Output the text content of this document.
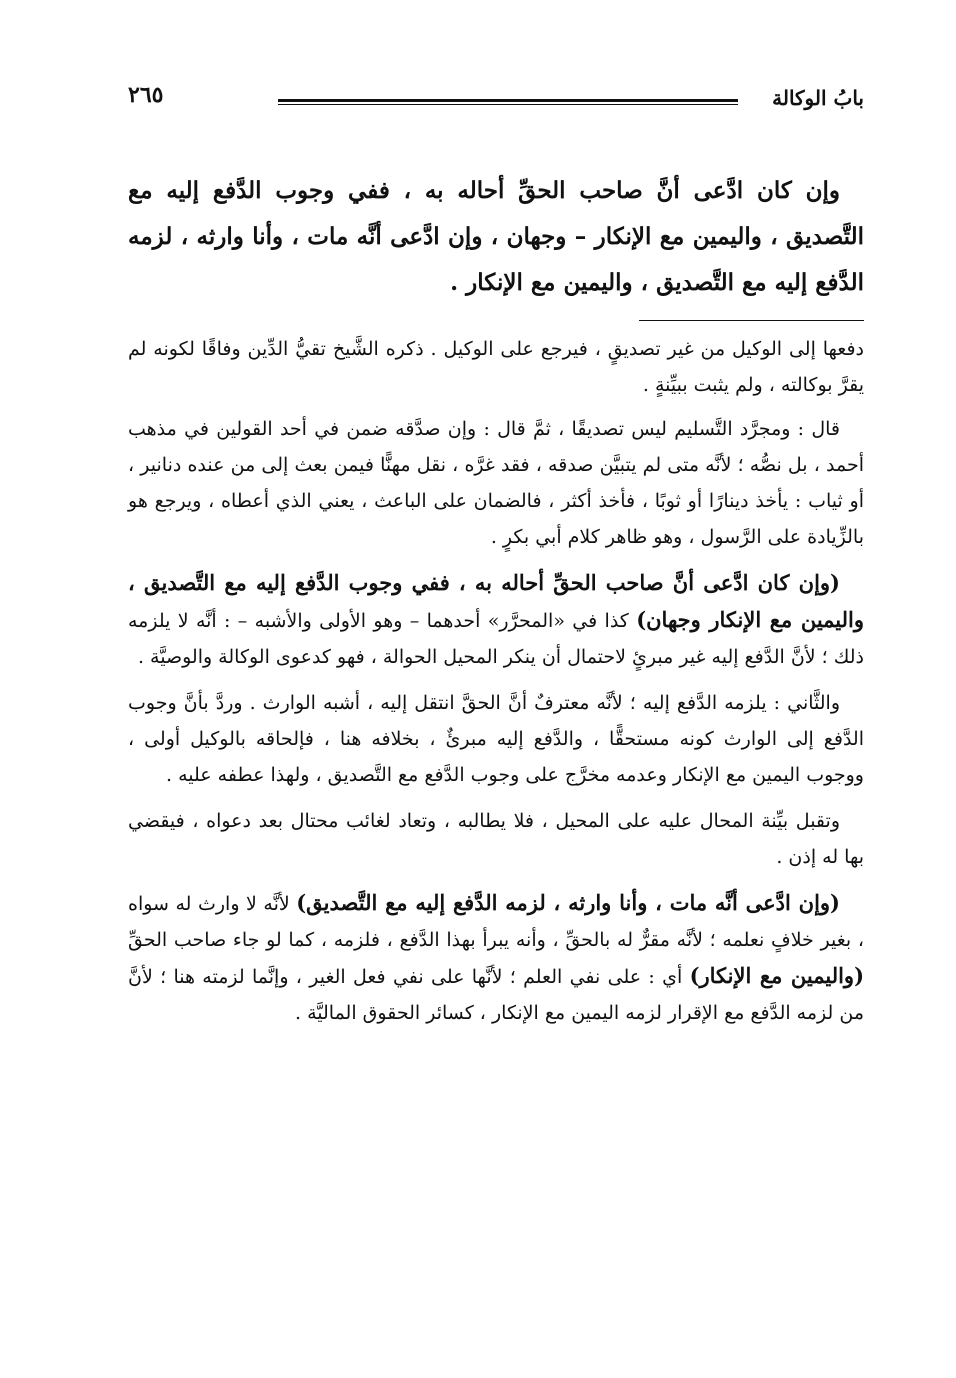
بابُ الوكالة
٢٦٥
وإن كان ادَّعى أنَّ صاحب الحقِّ أحاله به ، ففي وجوب الدَّفع إليه مع التَّصديق ، واليمين مع الإنكار – وجهان ، وإن ادَّعى أنَّه مات ، وأنا وارثه ، لزمه الدَّفع إليه مع التَّصديق ، واليمين مع الإنكار .

دفعها إلى الوكيل من غير تصديقٍ ، فيرجع على الوكيل . ذكره الشَّيخ تقيُّ الدِّين وفاقًا لكونه لم يقرَّ بوكالته ، ولم يثبت ببيِّنةٍ .

قال : ومجرَّد التَّسليم ليس تصديقًا ، ثمَّ قال : وإن صدَّقه ضمن في أحد القولين في مذهب أحمد ، بل نصُّه ؛ لأنَّه متى لم يتبيَّن صدقه ، فقد غرَّه ، نقل مهنًّا فيمن بعث إلى من عنده دنانير ، أو ثياب : يأخذ دينارًا أو ثوبًا ، فأخذ أكثر ، فالضمان على الباعث ، يعني الذي أعطاه ، ويرجع هو بالزِّيادة على الرَّسول ، وهو ظاهر كلام أبي بكرٍ .

(وإن كان ادَّعى أنَّ صاحب الحقِّ أحاله به ، ففي وجوب الدَّفع إليه مع التَّصديق ، واليمين مع الإنكار وجهان) كذا في «المحرَّر» أحدهما – وهو الأولى والأشبه – : أنَّه لا يلزمه ذلك ؛ لأنَّ الدَّفع إليه غير مبرئٍ لاحتمال أن ينكر المحيل الحوالة ، فهو كدعوى الوكالة والوصيَّة .

والثَّاني : يلزمه الدَّفع إليه ؛ لأنَّه معترفٌ أنَّ الحقَّ انتقل إليه ، أشبه الوارث . وردَّ بأنَّ وجوب الدَّفع إلى الوارث كونه مستحقًّا ، والدَّفع إليه مبرئٌ ، بخلافه هنا ، فإلحاقه بالوكيل أولى ، ووجوب اليمين مع الإنكار وعدمه مخرَّج على وجوب الدَّفع مع التَّصديق ، ولهذا عطفه عليه .

وتقبل بيِّنة المحال عليه على المحيل ، فلا يطالبه ، وتعاد لغائب محتال بعد دعواه ، فيقضي بها له إذن .

(وإن ادَّعى أنَّه مات ، وأنا وارثه ، لزمه الدَّفع إليه مع التَّصديق) لأنَّه لا وارث له سواه ، بغير خلافٍ نعلمه ؛ لأنَّه مقرٌّ له بالحقِّ ، وأنه يبرأ بهذا الدَّفع ، فلزمه ، كما لو جاء صاحب الحقِّ (واليمين مع الإنكار) أي : على نفي العلم ؛ لأنَّها على نفي فعل الغير ، وإنَّما لزمته هنا ؛ لأنَّ من لزمه الدَّفع مع الإقرار لزمه اليمين مع الإنكار ، كسائر الحقوق الماليَّة .
